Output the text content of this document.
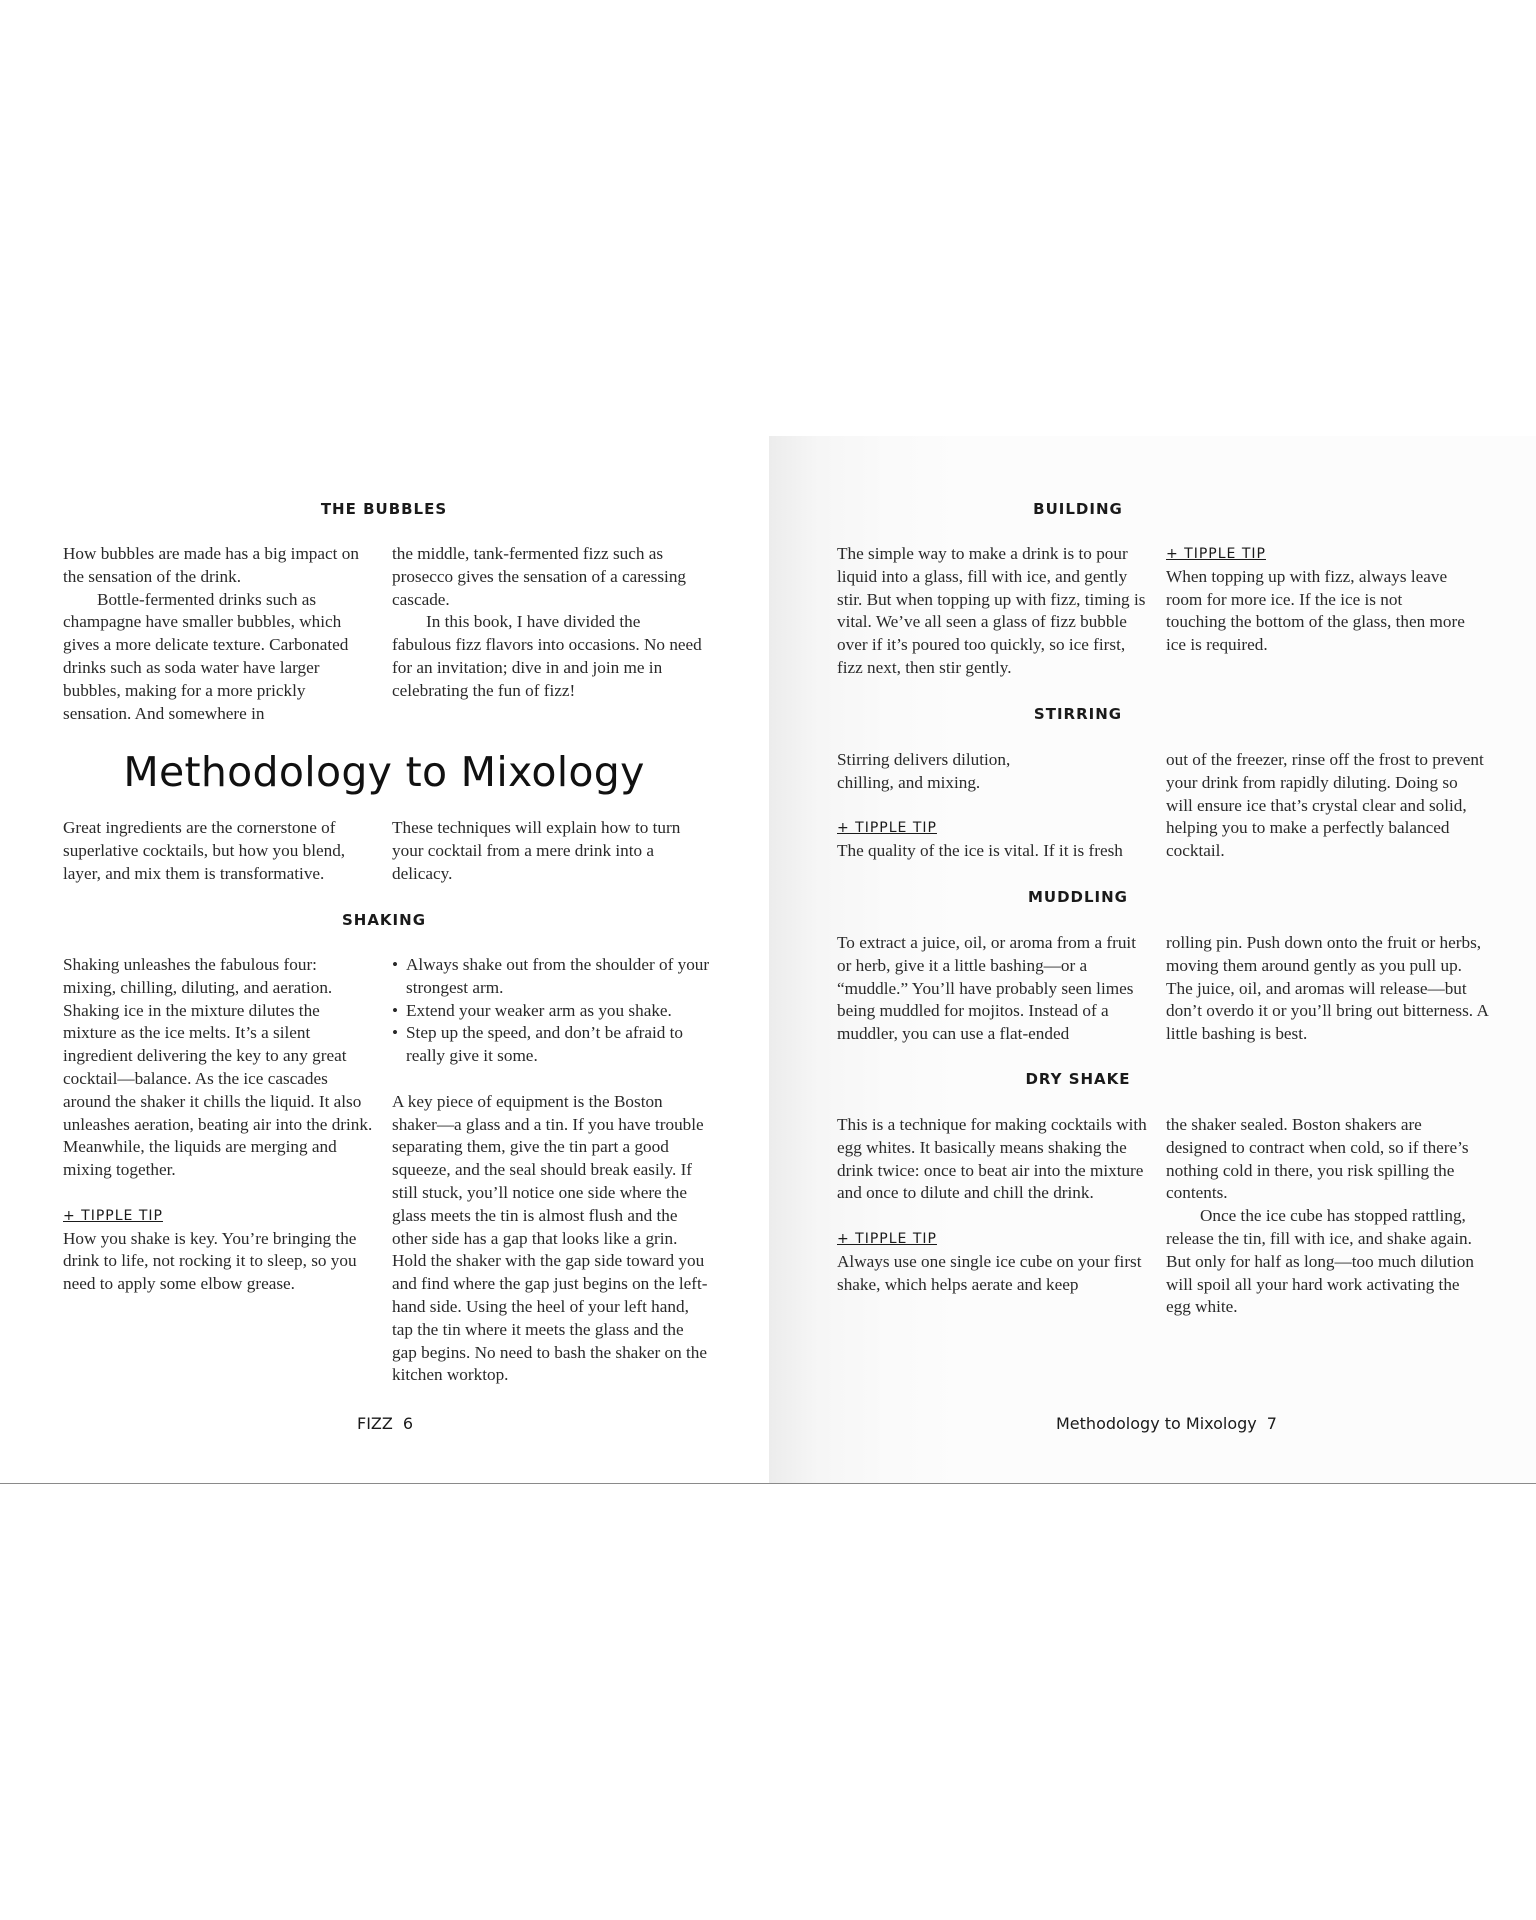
THE BUBBLES

How bubbles are made has a big impact on the sensation of the drink.

Bottle-fermented drinks such as champagne have smaller bubbles, which gives a more delicate texture. Carbonated drinks such as soda water have larger bubbles, making for a more prickly sensation. And somewhere in

the middle, tank-fermented fizz such as prosecco gives the sensation of a caressing cascade.

In this book, I have divided the fabulous fizz flavors into occasions. No need for an invitation; dive in and join me in celebrating the fun of fizz!

Methodology to Mixology

Great ingredients are the cornerstone of superlative cocktails, but how you blend, layer, and mix them is transformative.

These techniques will explain how to turn your cocktail from a mere drink into a delicacy.

SHAKING

Shaking unleashes the fabulous four: mixing, chilling, diluting, and aeration. Shaking ice in the mixture dilutes the mixture as the ice melts. It’s a silent ingredient delivering the key to any great cocktail—balance. As the ice cascades around the shaker it chills the liquid. It also unleashes aeration, beating air into the drink. Meanwhile, the liquids are merging and mixing together.

+ TIPPLE TIP

How you shake is key. You’re bringing the drink to life, not rocking it to sleep, so you need to apply some elbow grease.

• Always shake out from the shoulder of your strongest arm.
• Extend your weaker arm as you shake.
• Step up the speed, and don’t be afraid to really give it some.

A key piece of equipment is the Boston shaker—a glass and a tin. If you have trouble separating them, give the tin part a good squeeze, and the seal should break easily. If still stuck, you’ll notice one side where the glass meets the tin is almost flush and the other side has a gap that looks like a grin. Hold the shaker with the gap side toward you and find where the gap just begins on the left-hand side. Using the heel of your left hand, tap the tin where it meets the glass and the gap begins. No need to bash the shaker on the kitchen worktop.

FIZZ 6
BUILDING

The simple way to make a drink is to pour liquid into a glass, fill with ice, and gently stir. But when topping up with fizz, timing is vital. We’ve all seen a glass of fizz bubble over if it’s poured too quickly, so ice first, fizz next, then stir gently.

+ TIPPLE TIP

When topping up with fizz, always leave room for more ice. If the ice is not touching the bottom of the glass, then more ice is required.

STIRRING

Stirring delivers dilution, chilling, and mixing.

+ TIPPLE TIP

The quality of the ice is vital. If it is fresh

out of the freezer, rinse off the frost to prevent your drink from rapidly diluting. Doing so will ensure ice that’s crystal clear and solid, helping you to make a perfectly balanced cocktail.

MUDDLING

To extract a juice, oil, or aroma from a fruit or herb, give it a little bashing—or a “muddle.” You’ll have probably seen limes being muddled for mojitos. Instead of a muddler, you can use a flat-ended

rolling pin. Push down onto the fruit or herbs, moving them around gently as you pull up. The juice, oil, and aromas will release—but don’t overdo it or you’ll bring out bitterness. A little bashing is best.

DRY SHAKE

This is a technique for making cocktails with egg whites. It basically means shaking the drink twice: once to beat air into the mixture and once to dilute and chill the drink.

+ TIPPLE TIP

Always use one single ice cube on your first shake, which helps aerate and keep

the shaker sealed. Boston shakers are designed to contract when cold, so if there’s nothing cold in there, you risk spilling the contents.

Once the ice cube has stopped rattling, release the tin, fill with ice, and shake again. But only for half as long—too much dilution will spoil all your hard work activating the egg white.

Methodology to Mixology 7
